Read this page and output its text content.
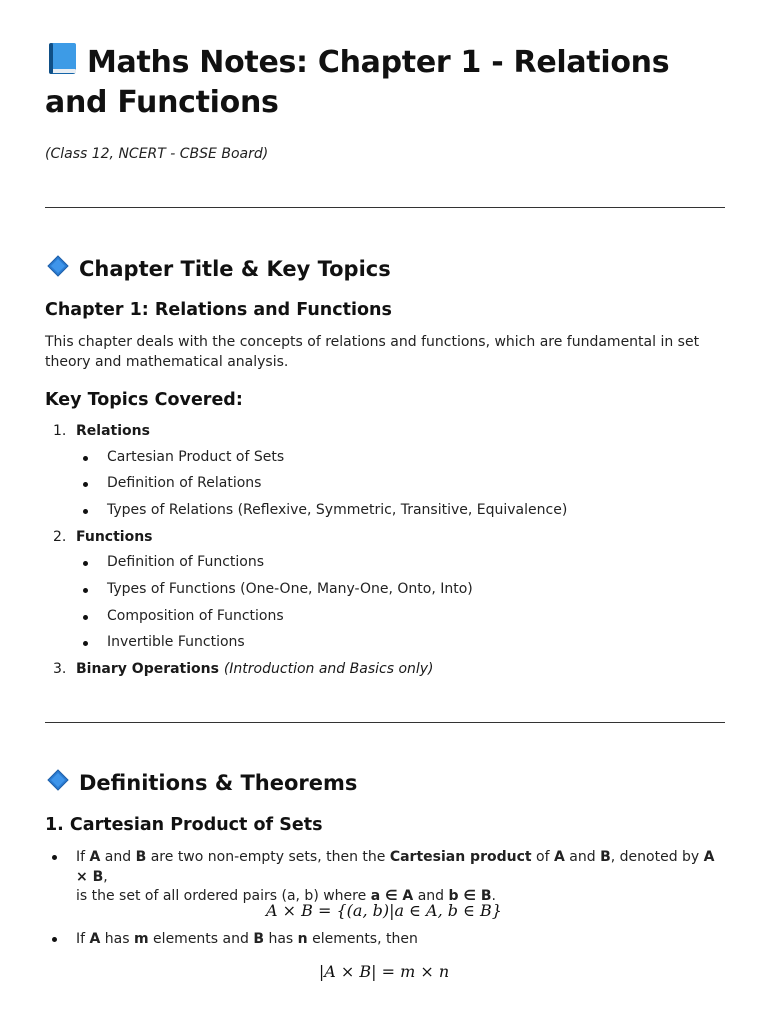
Maths Notes: Chapter 1 - Relations and Functions
(Class 12, NCERT - CBSE Board)
Chapter Title & Key Topics
Chapter 1: Relations and Functions
This chapter deals with the concepts of relations and functions, which are fundamental in set theory and mathematical analysis.
Key Topics Covered:
1. Relations
Cartesian Product of Sets
Definition of Relations
Types of Relations (Reflexive, Symmetric, Transitive, Equivalence)
2. Functions
Definition of Functions
Types of Functions (One-One, Many-One, Onto, Into)
Composition of Functions
Invertible Functions
3. Binary Operations (Introduction and Basics only)
Definitions & Theorems
1. Cartesian Product of Sets
If A and B are two non-empty sets, then the Cartesian product of A and B, denoted by A × B,
is the set of all ordered pairs (a, b) where a ∈ A and b ∈ B.
A × B = {(a, b)|a ∈ A, b ∈ B}
If A has m elements and B has n elements, then
|A × B| = m × n
